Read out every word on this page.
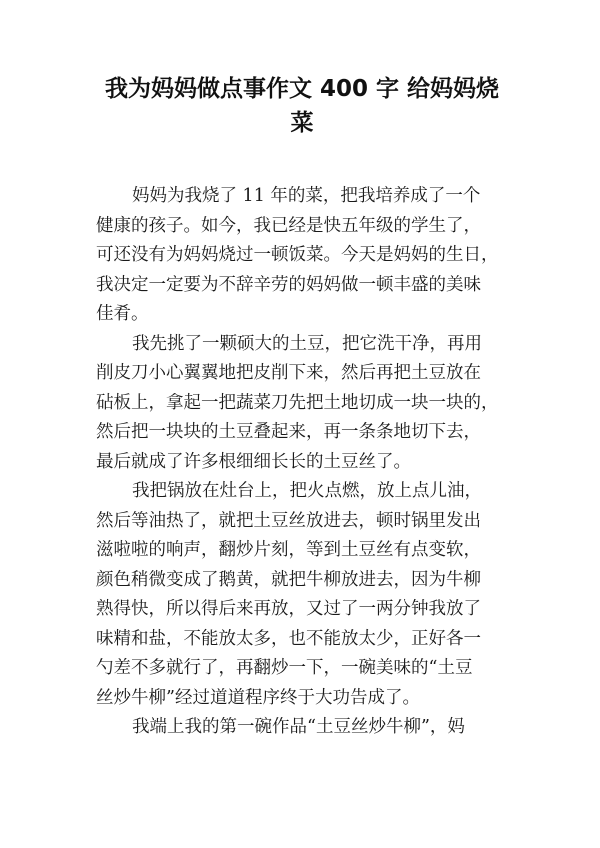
我为妈妈做点事作文 400 字 给妈妈烧
菜

妈妈为我烧了 11 年的菜，把我培养成了一个
健康的孩子。如今，我已经是快五年级的学生了，
可还没有为妈妈烧过一顿饭菜。今天是妈妈的生日，
我决定一定要为不辞辛劳的妈妈做一顿丰盛的美味
佳肴。

我先挑了一颗硕大的土豆，把它洗干净，再用
削皮刀小心翼翼地把皮削下来，然后再把土豆放在
砧板上，拿起一把蔬菜刀先把土地切成一块一块的，
然后把一块块的土豆叠起来，再一条条地切下去，
最后就成了许多根细细长长的土豆丝了。

我把锅放在灶台上，把火点燃，放上点儿油，
然后等油热了，就把土豆丝放进去，顿时锅里发出
滋啦啦的响声，翻炒片刻，等到土豆丝有点变软，
颜色稍微变成了鹅黄，就把牛柳放进去，因为牛柳
熟得快，所以得后来再放，又过了一两分钟我放了
味精和盐，不能放太多，也不能放太少，正好各一
勺差不多就行了，再翻炒一下，一碗美味的“土豆
丝炒牛柳”经过道道程序终于大功告成了。

我端上我的第一碗作品“土豆丝炒牛柳”，妈
